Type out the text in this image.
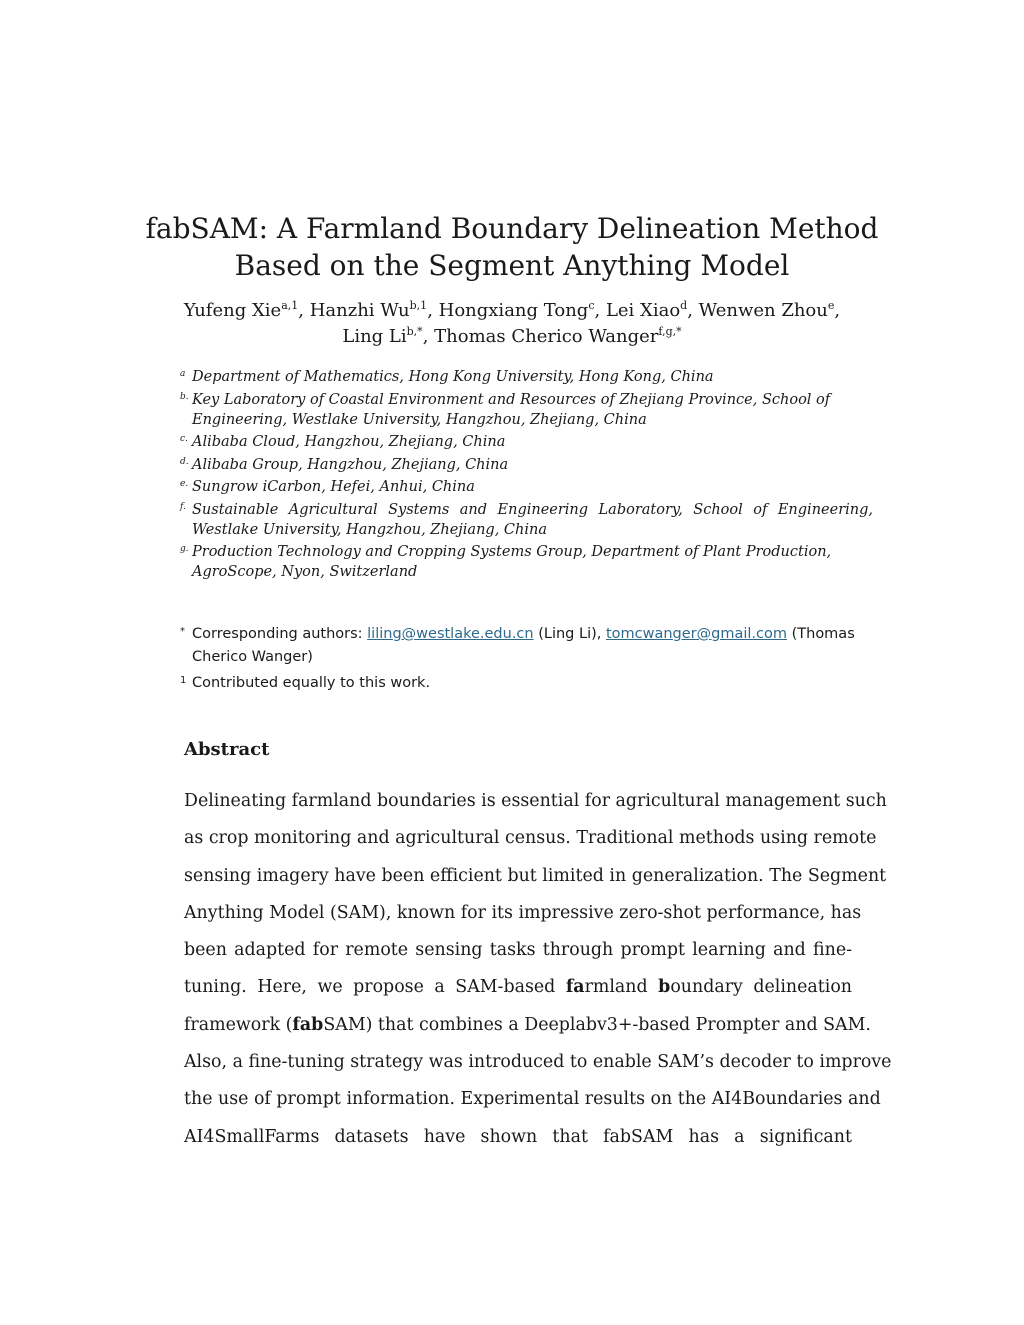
fabSAM: A Farmland Boundary Delineation Method
Based on the Segment Anything Model
Yufeng Xie$^{a,1}$, Hanzhi Wu$^{b,1}$, Hongxiang Tong$^c$, Lei Xiao$^d$, Wenwen Zhou$^e$,
Ling $Li^{b,*}$, Thomas Cherico Wanger$^{f,g,*}$
a Department of Mathematics, Hong Kong University, Hong Kong, China
b. Key Laboratory of Coastal Environment and Resources of Zhejiang Province, School of Engineering, Westlake University, Hangzhou, Zhejiang, China
c. Alibaba Cloud, Hangzhou, Zhejiang, China
d. Alibaba Group, Hangzhou, Zhejiang, China
e. Sungrow iCarbon, Hefei, Anhui, China
f. Sustainable Agricultural Systems and Engineering Laboratory, School of Engineering, Westlake University, Hangzhou, Zhejiang, China
g. Production Technology and Cropping Systems Group, Department of Plant Production, AgroScope, Nyon, Switzerland
* Corresponding authors: liling@westlake.edu.cn (Ling Li), tomcwanger@gmail.com (Thomas Cherico Wanger)
1 Contributed equally to this work.
Abstract
Delineating farmland boundaries is essential for agricultural management such
as crop monitoring and agricultural census. Traditional methods using remote
sensing imagery have been efficient but limited in generalization. The Segment
Anything Model (SAM), known for its impressive zero-shot performance, has
been adapted for remote sensing tasks through prompt learning and fine-
tuning. Here, we propose a SAM-based farmland boundary delineation
framework (fabSAM) that combines a Deeplabv3+-based Prompter and SAM.
Also, a fine-tuning strategy was introduced to enable SAM’s decoder to improve
the use of prompt information. Experimental results on the AI4Boundaries and
AI4SmallFarms datasets have shown that fabSAM has a significant
